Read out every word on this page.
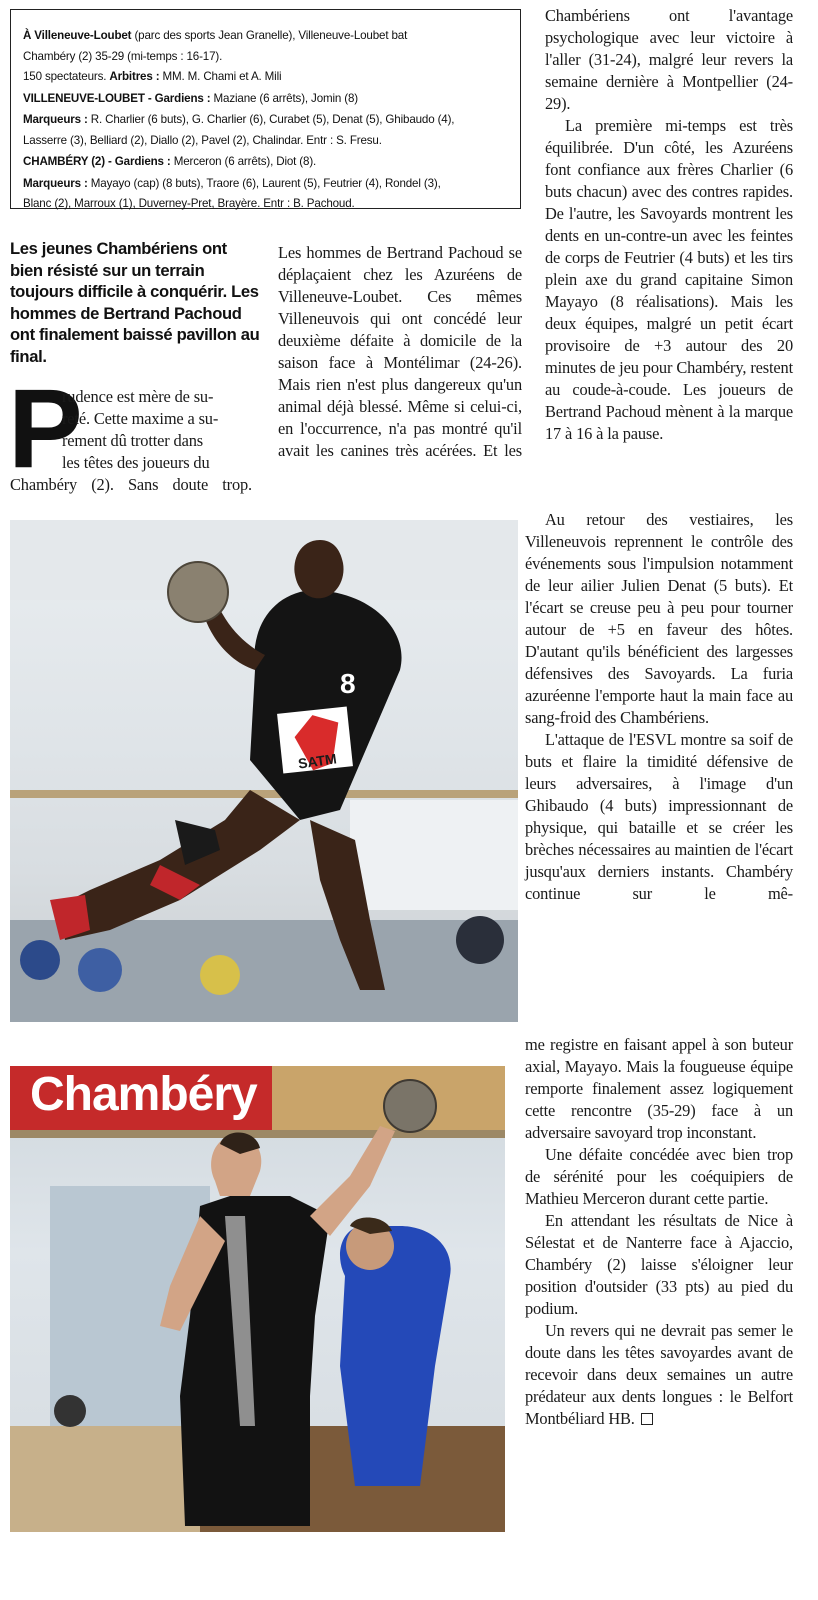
À Villeneuve-Loubet (parc des sports Jean Granelle), Villeneuve-Loubet bat

Chambéry (2) 35-29 (mi-temps : 16-17).

150 spectateurs. Arbitres : MM. M. Chami et A. Mili

VILLENEUVE-LOUBET - Gardiens : Maziane (6 arrêts), Jomin (8)

Marqueurs : R. Charlier (6 buts), G. Charlier (6), Curabet (5), Denat (5), Ghibaudo (4),

Lasserre (3), Belliard (2), Diallo (2), Pavel (2), Chalindar. Entr : S. Fresu.

CHAMBÉRY (2) - Gardiens : Merceron (6 arrêts), Diot (8).

Marqueurs : Mayayo (cap) (8 buts), Traore (6), Laurent (5), Feutrier (4), Rondel (3),

Blanc (2), Marroux (1), Duverney-Pret, Brayère. Entr : B. Pachoud.

Les jeunes Chambériens ont bien résisté sur un terrain toujours difficile à conquérir. Les hommes de Bertrand Pachoud ont finalement baissé pavillon au final.

P
rudence est mère de su-
reté. Cette maxime a su-
rement dû trotter dans
les têtes des joueurs du
Chambéry (2). Sans doute trop.

Les hommes de Bertrand Pachoud se déplaçaient chez les Azuréens de Villeneuve-Loubet. Ces mêmes Villeneuvois qui ont concédé leur deuxième défaite à domicile de la saison face à Montélimar (24-26). Mais rien n'est plus dangereux qu'un animal déjà blessé. Même si celui-ci, en l'occurrence, n'a pas montré qu'il avait les canines très acérées. Et les

Chambériens ont l'avantage psychologique avec leur victoire à l'aller (31-24), malgré leur revers la semaine dernière à Montpellier (24-29).

La première mi-temps est très équilibrée. D'un côté, les Azuréens font confiance aux frères Charlier (6 buts chacun) avec des contres rapides. De l'autre, les Savoyards montrent les dents en un-contre-un avec les feintes de corps de Feutrier (4 buts) et les tirs plein axe du grand capitaine Simon Mayayo (8 réalisations). Mais les deux équipes, malgré un petit écart provisoire de +3 autour des 20 minutes de jeu pour Chambéry, restent au coude-à-coude. Les joueurs de Bertrand Pachoud mènent à la marque 17 à 16 à la pause.

SATM
8

Au retour des vestiaires, les Villeneuvois reprennent le contrôle des événements sous l'impulsion notamment de leur ailier Julien Denat (5 buts). Et l'écart se creuse peu à peu pour tourner autour de +5 en faveur des hôtes. D'autant qu'ils bénéficient des largesses défensives des Savoyards. La furia azuréenne l'emporte haut la main face au sang-froid des Chambériens.

L'attaque de l'ESVL montre sa soif de buts et flaire la timidité défensive de leurs adversaires, à l'image d'un Ghibaudo (4 buts) impressionnant de physique, qui bataille et se créer les brèches nécessaires au maintien de l'écart jusqu'aux derniers instants. Chambéry continue sur le mê-

Chambéry

me registre en faisant appel à son buteur axial, Mayayo. Mais la fougueuse équipe remporte finalement assez logiquement cette rencontre (35-29) face à un adversaire savoyard trop inconstant.

Une défaite concédée avec bien trop de sérénité pour les coéquipiers de Mathieu Merceron durant cette partie.

En attendant les résultats de Nice à Sélestat et de Nanterre face à Ajaccio, Chambéry (2) laisse s'éloigner leur position d'outsider (33 pts) au pied du podium.

Un revers qui ne devrait pas semer le doute dans les têtes savoyardes avant de recevoir dans deux semaines un autre prédateur aux dents longues : le Belfort Montbéliard HB.
